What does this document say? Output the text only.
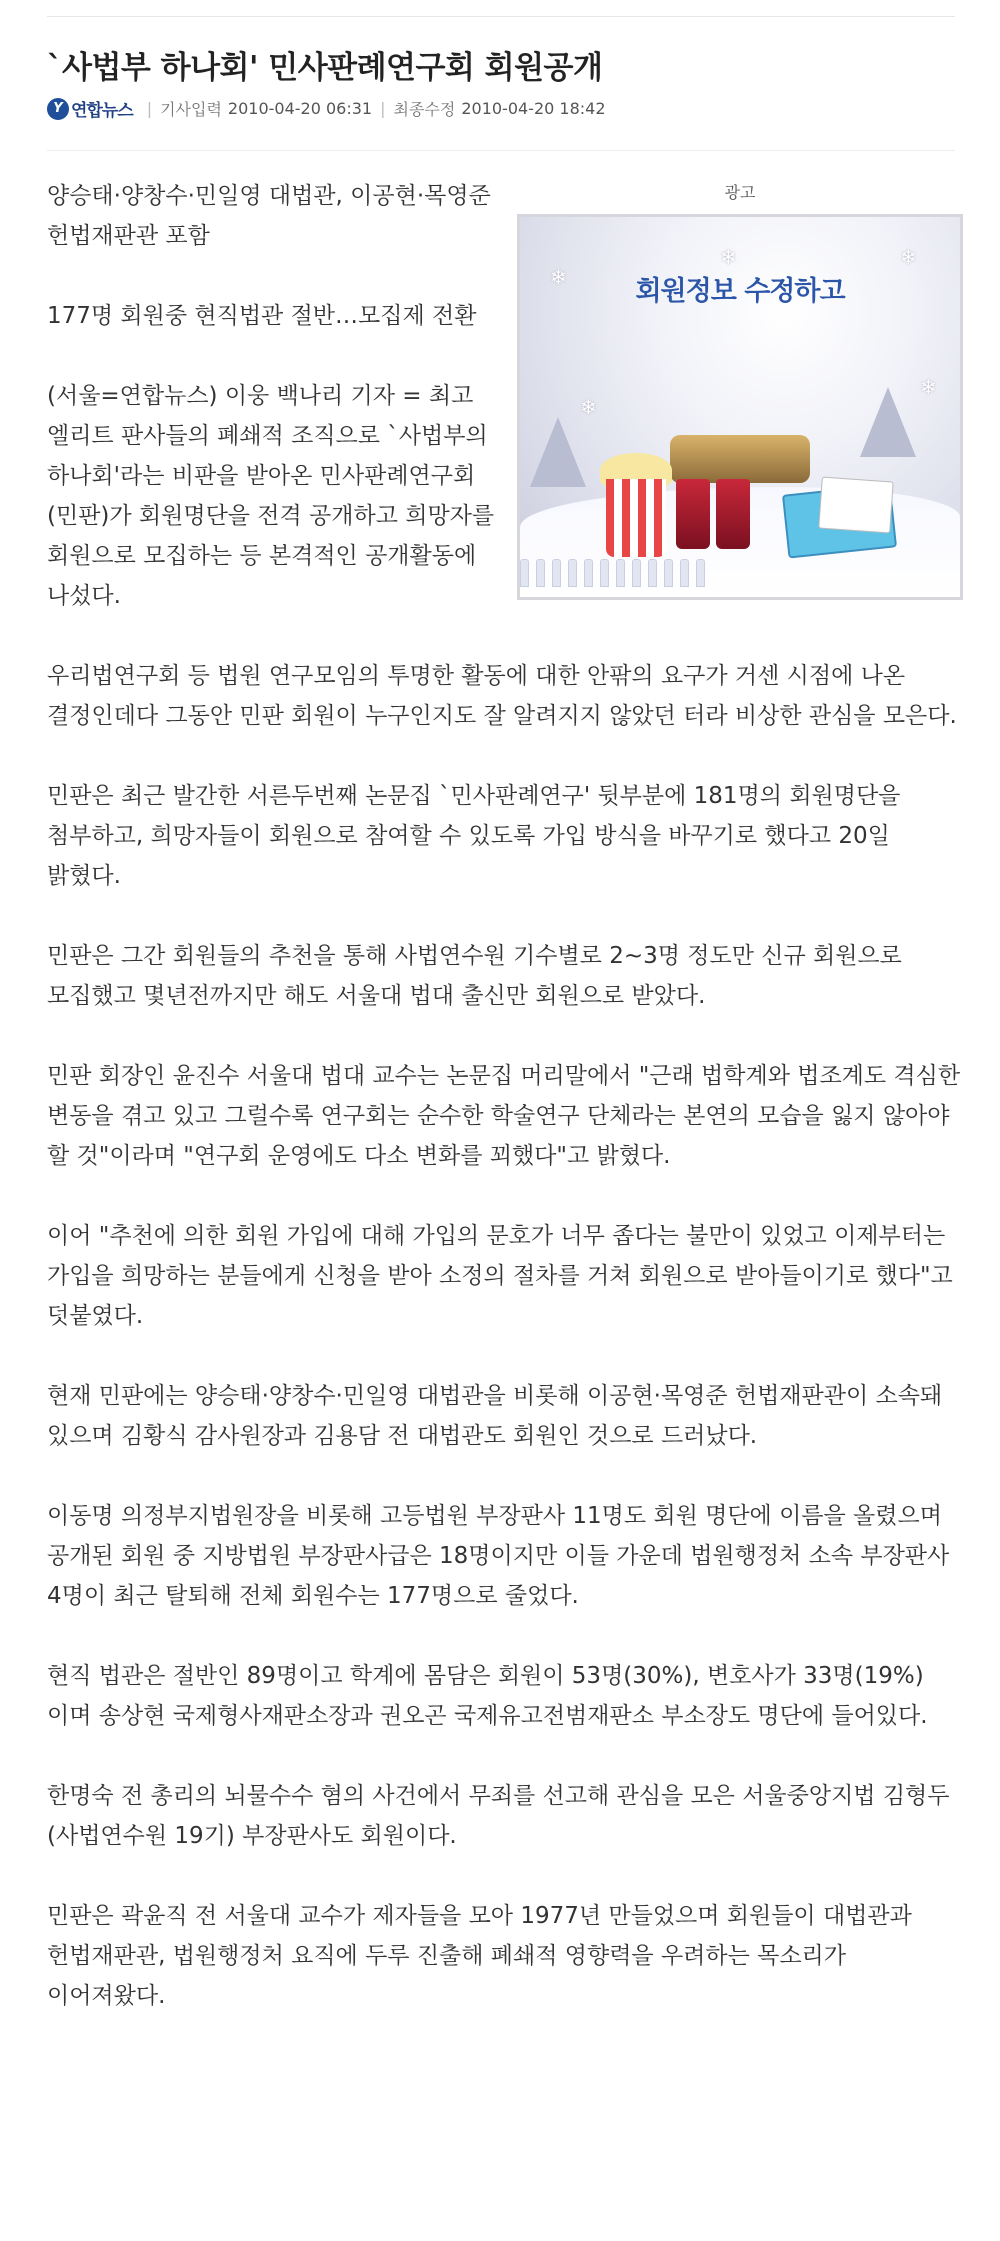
`사법부 하나회' 민사판례연구회 회원공개
Y 연합뉴스 | 기사입력 2010-04-20 06:31 | 최종수정 2010-04-20 18:42
광고
❄
❄
❄
❄
❄
회원정보 수정하고

양승태·양창수·민일영 대법관, 이공현·목영준 헌법재판관 포함

177명 회원중 현직법관 절반…모집제 전환

(서울=연합뉴스) 이웅 백나리 기자 = 최고 엘리트 판사들의 폐쇄적 조직으로 `사법부의 하나회'라는 비판을 받아온 민사판례연구회(민판)가 회원명단을 전격 공개하고 희망자를 회원으로 모집하는 등 본격적인 공개활동에 나섰다.

우리법연구회 등 법원 연구모임의 투명한 활동에 대한 안팎의 요구가 거센 시점에 나온 결정인데다 그동안 민판 회원이 누구인지도 잘 알려지지 않았던 터라 비상한 관심을 모은다.

민판은 최근 발간한 서른두번째 논문집 `민사판례연구' 뒷부분에 181명의 회원명단을 첨부하고, 희망자들이 회원으로 참여할 수 있도록 가입 방식을 바꾸기로 했다고 20일 밝혔다.

민판은 그간 회원들의 추천을 통해 사법연수원 기수별로 2~3명 정도만 신규 회원으로 모집했고 몇년전까지만 해도 서울대 법대 출신만 회원으로 받았다.

민판 회장인 윤진수 서울대 법대 교수는 논문집 머리말에서 "근래 법학계와 법조계도 격심한 변동을 겪고 있고 그럴수록 연구회는 순수한 학술연구 단체라는 본연의 모습을 잃지 않아야 할 것"이라며 "연구회 운영에도 다소 변화를 꾀했다"고 밝혔다.

이어 "추천에 의한 회원 가입에 대해 가입의 문호가 너무 좁다는 불만이 있었고 이제부터는 가입을 희망하는 분들에게 신청을 받아 소정의 절차를 거쳐 회원으로 받아들이기로 했다"고 덧붙였다.

현재 민판에는 양승태·양창수·민일영 대법관을 비롯해 이공현·목영준 헌법재판관이 소속돼 있으며 김황식 감사원장과 김용담 전 대법관도 회원인 것으로 드러났다.

이동명 의정부지법원장을 비롯해 고등법원 부장판사 11명도 회원 명단에 이름을 올렸으며 공개된 회원 중 지방법원 부장판사급은 18명이지만 이들 가운데 법원행정처 소속 부장판사 4명이 최근 탈퇴해 전체 회원수는 177명으로 줄었다.

현직 법관은 절반인 89명이고 학계에 몸담은 회원이 53명(30%), 변호사가 33명(19%)이며 송상현 국제형사재판소장과 권오곤 국제유고전범재판소 부소장도 명단에 들어있다.

한명숙 전 총리의 뇌물수수 혐의 사건에서 무죄를 선고해 관심을 모은 서울중앙지법 김형두(사법연수원 19기) 부장판사도 회원이다.

민판은 곽윤직 전 서울대 교수가 제자들을 모아 1977년 만들었으며 회원들이 대법관과 헌법재판관, 법원행정처 요직에 두루 진출해 폐쇄적 영향력을 우려하는 목소리가 이어져왔다.
